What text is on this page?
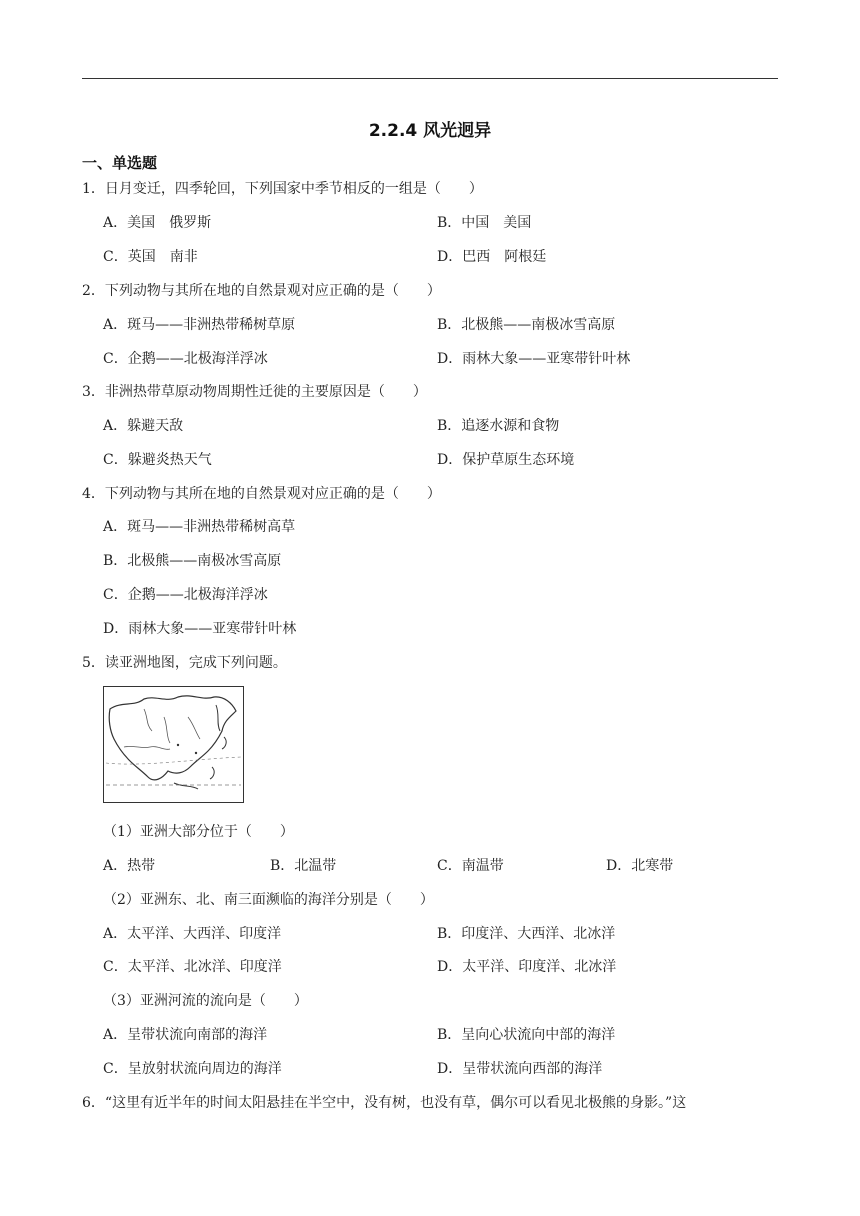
2.2.4 风光迥异
一、单选题
1．日月变迁，四季轮回，下列国家中季节相反的一组是（　　）
A．美国　俄罗斯	B．中国　美国
C．英国　南非	D．巴西　阿根廷
2．下列动物与其所在地的自然景观对应正确的是（　　）
A．斑马——非洲热带稀树草原	B．北极熊——南极冰雪高原
C．企鹅——北极海洋浮冰	D．雨林大象——亚寒带针叶林
3．非洲热带草原动物周期性迁徙的主要原因是（　　）
A．躲避天敌	B．追逐水源和食物
C．躲避炎热天气	D．保护草原生态环境
4．下列动物与其所在地的自然景观对应正确的是（　　）
A．斑马——非洲热带稀树高草
B．北极熊——南极冰雪高原
C．企鹅——北极海洋浮冰
D．雨林大象——亚寒带针叶林
5．读亚洲地图，完成下列问题。
（1）亚洲大部分位于（　　）
A．热带	B．北温带	C．南温带	D．北寒带
（2）亚洲东、北、南三面濒临的海洋分别是（　　）
A．太平洋、大西洋、印度洋	B．印度洋、大西洋、北冰洋
C．太平洋、北冰洋、印度洋	D．太平洋、印度洋、北冰洋
（3）亚洲河流的流向是（　　）
A．呈带状流向南部的海洋	B．呈向心状流向中部的海洋
C．呈放射状流向周边的海洋	D．呈带状流向西部的海洋
6．“这里有近半年的时间太阳悬挂在半空中，没有树，也没有草，偶尔可以看见北极熊的身影。”这
